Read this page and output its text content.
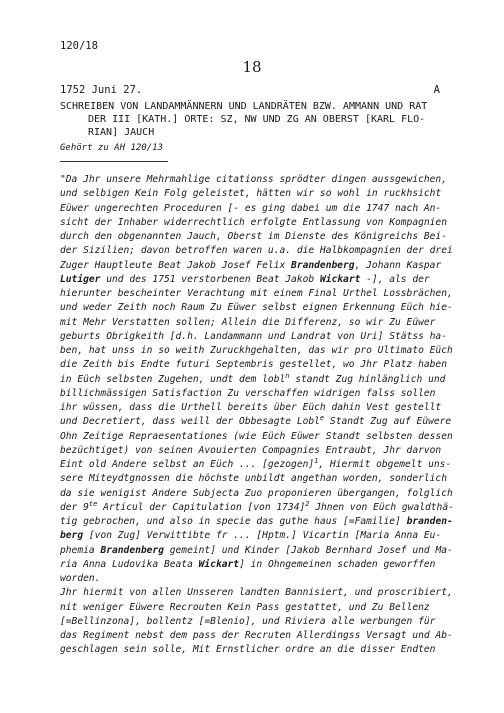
120/18
18
1752 Juni 27.	A
SCHREIBEN VON LANDAMMÄNNERN UND LANDRÄTEN BZW. AMMANN UND RAT
DER III [KATH.] ORTE: SZ, NW UND ZG AN OBERST [KARL FLO-
RIAN] JAUCH
Gehört zu AH 120/13
"Da Jhr unsere Mehrmahlige citationss sprödter dingen aussgewichen,
und selbigen Kein Folg geleistet, hätten wir so wohl in ruckhsicht
Eüwer ungerechten Proceduren [- es ging dabei um die 1747 nach An-
sicht der Inhaber widerrechtlich erfolgte Entlassung von Kompagnien
durch den obgenannten Jauch, Oberst im Dienste des Königreichs Bei-
der Sizilien; davon betroffen waren u.a. die Halbkompagnien der drei
Zuger Hauptleute Beat Jakob Josef Felix Brandenberg, Johann Kaspar
Lutiger und des 1751 verstorbenen Beat Jakob Wickart -], als der
hierunter bescheinter Verachtung mit einem Final Urthel Lossbrächen,
und weder Zeith noch Raum Zu Eüwer selbst eignen Erkennung Eüch hie-
mit Mehr Verstatten sollen; Allein die Differenz, so wir Zu Eüwer
geburts Obrigkeith [d.h. Landammann und Landrat von Uri] Stätss ha-
ben, hat unss in so weith Zuruckhgehalten, das wir pro Ultimato Eüch
die Zeith bis Endte futuri Septembris gestellet, wo Jhr Platz haben
in Eüch selbsten Zugehen, undt dem lobl$^n$ standt Zug hinlänglich und
billichmässigen Satisfaction Zu verschaffen widrigen falss sollen
ihr wüssen, dass die Urthell bereits über Eüch dahin Vest gestellt
und Decretiert, dass weill der Obbesagte Lobl$^e$ Standt Zug auf Eüwere
Ohn Zeitige Repraesentationes (wie Eüch Eüwer Standt selbsten dessen
bezüchtiget) von seinen Avouierten Compagnies Entraubt, Jhr darvon
Eint old Andere selbst an Eüch ... [gezogen]$^1$, Hiermit obgemelt uns-
sere Miteydtgnossen die höchste unbildt angethan worden, sonderlich
da sie wenigist Andere Subjecta Zuo proponieren übergangen, folglich
der $9^{te}$ Articul der Capitulation [von 1734]$^2$ Jhnen von Eüch gwaldthä-
tig gebrochen, und also in specie das guthe haus [=Familie] branden-
berg [von Zug] Verwittibte fr ... [Hptm.] Vicartin [Maria Anna Eu-
phemia Brandenberg gemeint] und Kinder [Jakob Bernhard Josef und Ma-
ria Anna Ludovika Beata Wickart] in Ohngemeinen schaden geworffen
worden.
Jhr hiermit von allen Unsseren landten Bannisiert, und proscribiert,
nit weniger Eüwere Recrouten Kein Pass gestattet, und Zu Bellenz
[=Bellinzona], bollentz [=Blenio], und Riviera alle werbungen für
das Regiment nebst dem pass der Recruten Allerdingss Versagt und Ab-
geschlagen sein solle, Mit Ernstlicher ordre an die disser Endten
